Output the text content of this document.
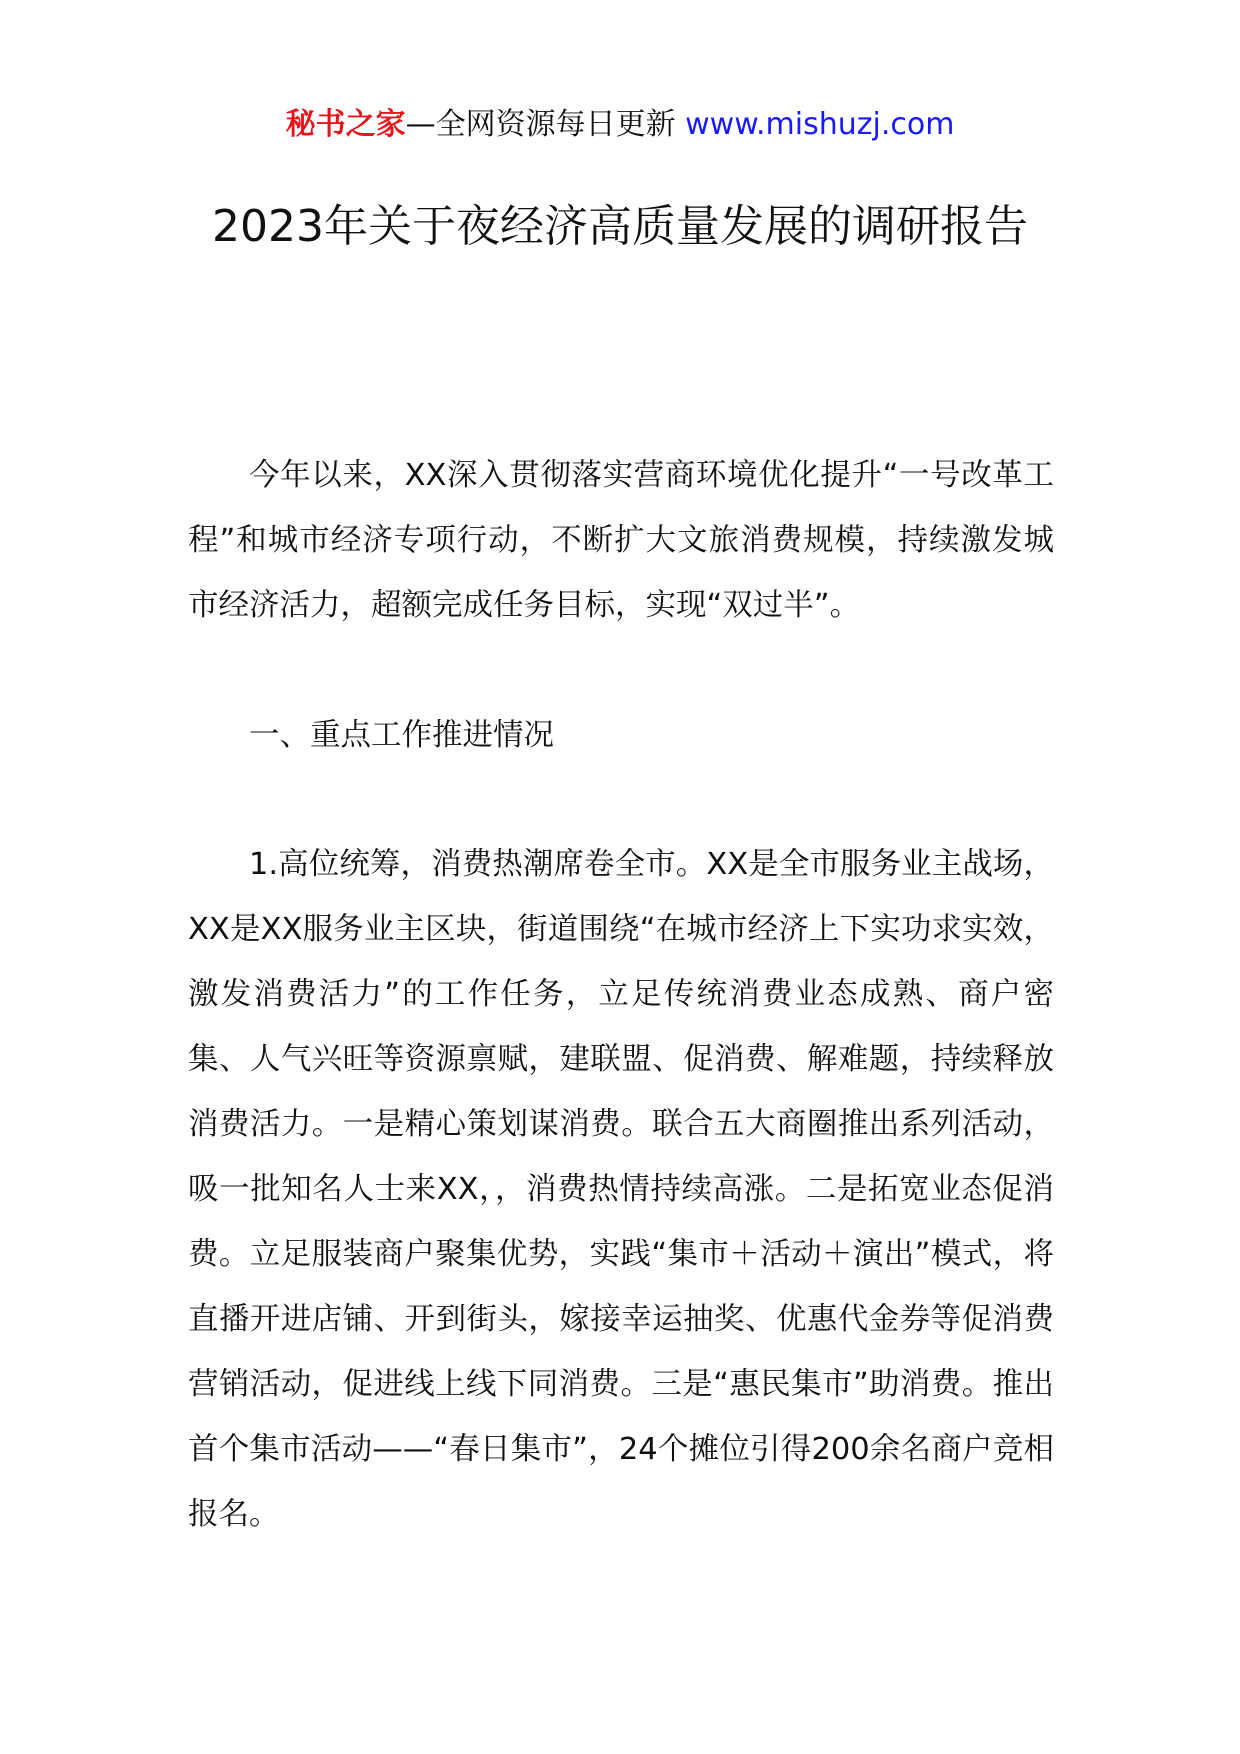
秘书之家—全网资源每日更新 www.mishuzj.com
2023年关于夜经济高质量发展的调研报告

今年以来，XX深入贯彻落实营商环境优化提升“一号改革工程”和城市经济专项行动，不断扩大文旅消费规模，持续激发城市经济活力，超额完成任务目标，实现“双过半”。

一、重点工作推进情况

1.高位统筹，消费热潮席卷全市。XX是全市服务业主战场，XX是XX服务业主区块，街道围绕“在城市经济上下实功求实效，激发消费活力”的工作任务，立足传统消费业态成熟、商户密集、人气兴旺等资源禀赋，建联盟、促消费、解难题，持续释放消费活力。一是精心策划谋消费。联合五大商圈推出系列活动，吸一批知名人士来XX，，消费热情持续高涨。二是拓宽业态促消费。立足服装商户聚集优势，实践“集市＋活动＋演出”模式，将直播开进店铺、开到街头，嫁接幸运抽奖、优惠代金券等促消费营销活动，促进线上线下同消费。三是“惠民集市”助消费。推出首个集市活动——“春日集市”，24个摊位引得200余名商户竞相报名。
